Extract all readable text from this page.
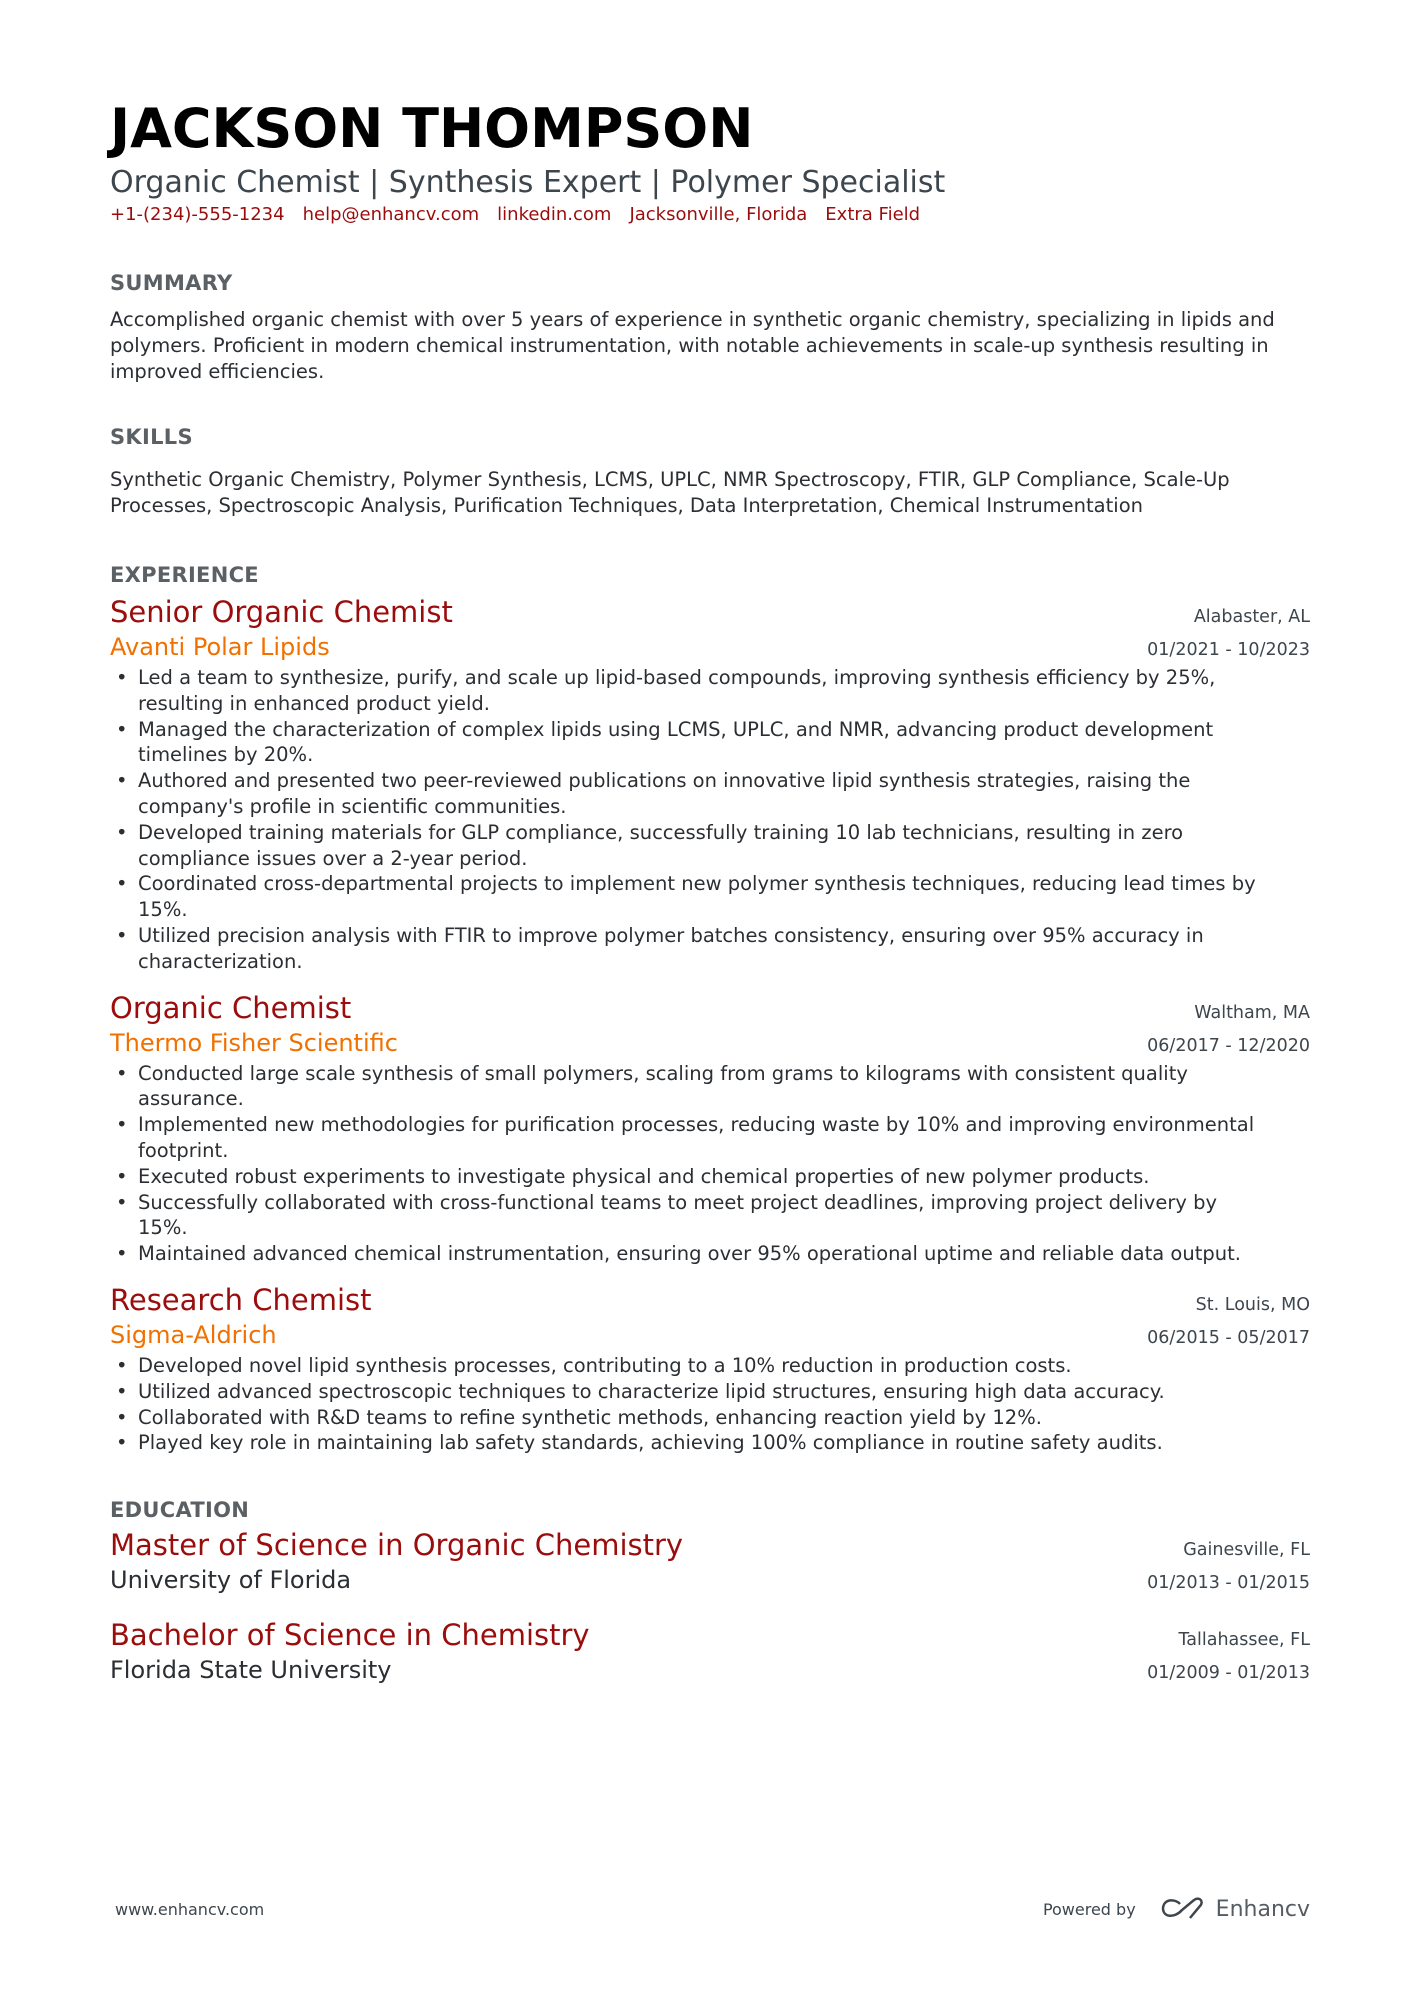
JACKSON THOMPSON
Organic Chemist | Synthesis Expert | Polymer Specialist
+1-(234)-555-1234 help@enhancv.com linkedin.com Jacksonville, Florida Extra Field
SUMMARY
Accomplished organic chemist with over 5 years of experience in synthetic organic chemistry, specializing in lipids and polymers. Proficient in modern chemical instrumentation, with notable achievements in scale-up synthesis resulting in improved efficiencies.
SKILLS
Synthetic Organic Chemistry, Polymer Synthesis, LCMS, UPLC, NMR Spectroscopy, FTIR, GLP Compliance, Scale-Up Processes, Spectroscopic Analysis, Purification Techniques, Data Interpretation, Chemical Instrumentation
EXPERIENCE
Senior Organic Chemist	Alabaster, AL
Avanti Polar Lipids	01/2021 - 10/2023
• Led a team to synthesize, purify, and scale up lipid-based compounds, improving synthesis efficiency by 25%, resulting in enhanced product yield.
• Managed the characterization of complex lipids using LCMS, UPLC, and NMR, advancing product development timelines by 20%.
• Authored and presented two peer-reviewed publications on innovative lipid synthesis strategies, raising the company's profile in scientific communities.
• Developed training materials for GLP compliance, successfully training 10 lab technicians, resulting in zero compliance issues over a 2-year period.
• Coordinated cross-departmental projects to implement new polymer synthesis techniques, reducing lead times by 15%.
• Utilized precision analysis with FTIR to improve polymer batches consistency, ensuring over 95% accuracy in characterization.
Organic Chemist	Waltham, MA
Thermo Fisher Scientific	06/2017 - 12/2020
• Conducted large scale synthesis of small polymers, scaling from grams to kilograms with consistent quality assurance.
• Implemented new methodologies for purification processes, reducing waste by 10% and improving environmental footprint.
• Executed robust experiments to investigate physical and chemical properties of new polymer products.
• Successfully collaborated with cross-functional teams to meet project deadlines, improving project delivery by 15%.
• Maintained advanced chemical instrumentation, ensuring over 95% operational uptime and reliable data output.
Research Chemist	St. Louis, MO
Sigma-Aldrich	06/2015 - 05/2017
• Developed novel lipid synthesis processes, contributing to a 10% reduction in production costs.
• Utilized advanced spectroscopic techniques to characterize lipid structures, ensuring high data accuracy.
• Collaborated with R&D teams to refine synthetic methods, enhancing reaction yield by 12%.
• Played key role in maintaining lab safety standards, achieving 100% compliance in routine safety audits.
EDUCATION
Master of Science in Organic Chemistry	Gainesville, FL
University of Florida	01/2013 - 01/2015
Bachelor of Science in Chemistry	Tallahassee, FL
Florida State University	01/2009 - 01/2013
www.enhancv.com	Powered by	Enhancv
